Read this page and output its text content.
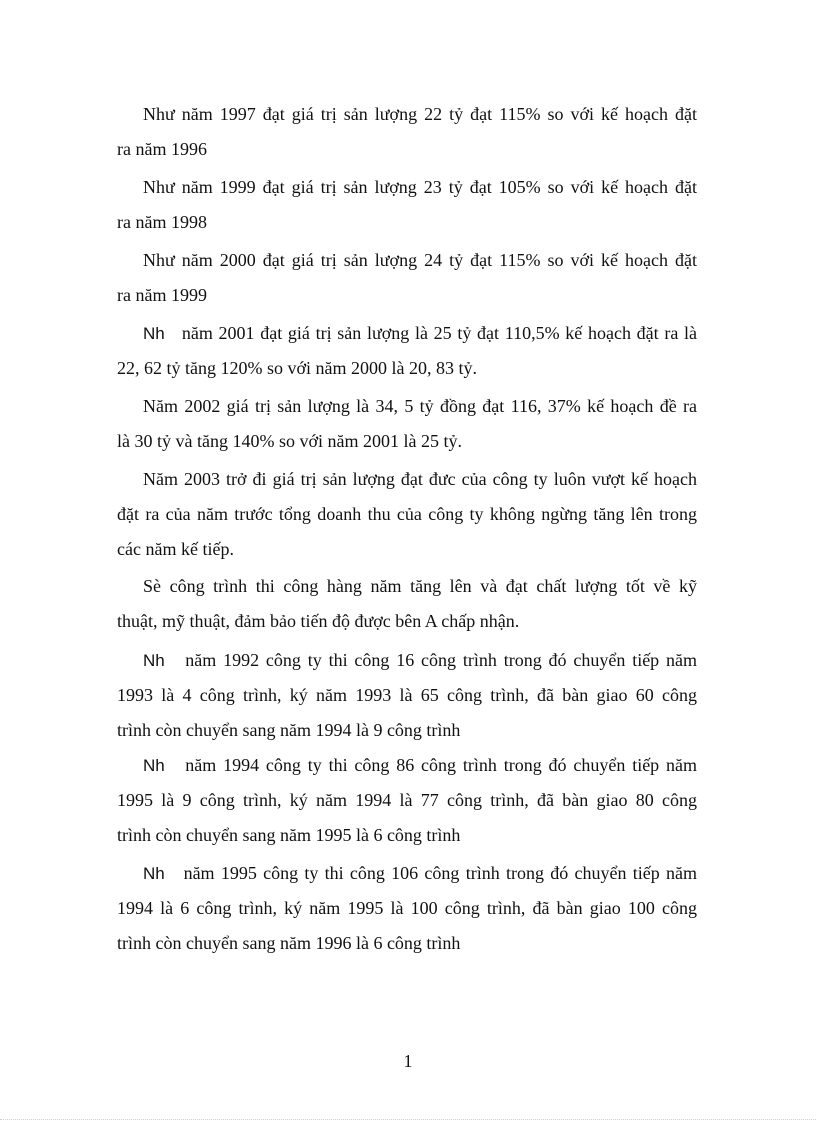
Như năm 1997 đạt giá trị sản lượng 22 tỷ đạt 115% so với kế hoạch đặt
ra năm 1996

Như năm 1999 đạt giá trị sản lượng 23 tỷ đạt 105% so với kế hoạch đặt
ra năm 1998

Như năm 2000 đạt giá trị sản lượng 24 tỷ đạt 115% so với kế hoạch đặt
ra năm 1999

Nh năm 2001 đạt giá trị sản lượng là 25 tỷ đạt 110,5% kế hoạch đặt ra là
22, 62 tỷ tăng 120% so với năm 2000 là 20, 83 tỷ.

Năm 2002 giá trị sản lượng là 34, 5 tỷ đồng đạt 116, 37% kế hoạch đề ra
là 30 tỷ và tăng 140% so với năm 2001 là 25 tỷ.

Năm 2003 trở đi giá trị sản lượng đạt đưc của công ty luôn vượt kế hoạch
đặt ra của năm trước tổng doanh thu của công ty không ngừng tăng lên trong
các năm kế tiếp.

Sè công trình thi công hàng năm tăng lên và đạt chất lượng tốt về kỹ
thuật, mỹ thuật, đảm bảo tiến độ được bên A chấp nhận.

Nh năm 1992 công ty thi công 16 công trình trong đó chuyển tiếp năm
1993 là 4 công trình, ký năm 1993 là 65 công trình, đã bàn giao 60 công
trình còn chuyển sang năm 1994 là 9 công trình

Nh năm 1994 công ty thi công 86 công trình trong đó chuyển tiếp năm
1995 là 9 công trình, ký năm 1994 là 77 công trình, đã bàn giao 80 công
trình còn chuyển sang năm 1995 là 6 công trình

Nh năm 1995 công ty thi công 106 công trình trong đó chuyển tiếp năm
1994 là 6 công trình, ký năm 1995 là 100 công trình, đã bàn giao 100 công
trình còn chuyển sang năm 1996 là 6 công trình

1
